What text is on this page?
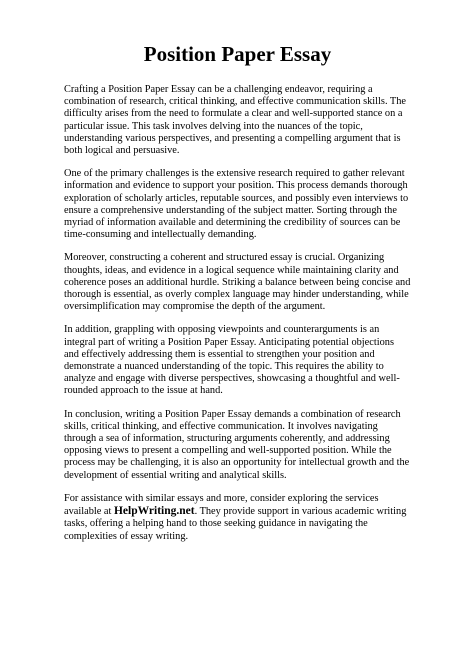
Position Paper Essay

Crafting a Position Paper Essay can be a challenging endeavor, requiring a combination of research, critical thinking, and effective communication skills. The difficulty arises from the need to formulate a clear and well-supported stance on a particular issue. This task involves delving into the nuances of the topic, understanding various perspectives, and presenting a compelling argument that is both logical and persuasive.

One of the primary challenges is the extensive research required to gather relevant information and evidence to support your position. This process demands thorough exploration of scholarly articles, reputable sources, and possibly even interviews to ensure a comprehensive understanding of the subject matter. Sorting through the myriad of information available and determining the credibility of sources can be time-consuming and intellectually demanding.

Moreover, constructing a coherent and structured essay is crucial. Organizing thoughts, ideas, and evidence in a logical sequence while maintaining clarity and coherence poses an additional hurdle. Striking a balance between being concise and thorough is essential, as overly complex language may hinder understanding, while oversimplification may compromise the depth of the argument.

In addition, grappling with opposing viewpoints and counterarguments is an integral part of writing a Position Paper Essay. Anticipating potential objections and effectively addressing them is essential to strengthen your position and demonstrate a nuanced understanding of the topic. This requires the ability to analyze and engage with diverse perspectives, showcasing a thoughtful and well-rounded approach to the issue at hand.

In conclusion, writing a Position Paper Essay demands a combination of research skills, critical thinking, and effective communication. It involves navigating through a sea of information, structuring arguments coherently, and addressing opposing views to present a compelling and well-supported position. While the process may be challenging, it is also an opportunity for intellectual growth and the development of essential writing and analytical skills.

For assistance with similar essays and more, consider exploring the services available at HelpWriting.net. They provide support in various academic writing tasks, offering a helping hand to those seeking guidance in navigating the complexities of essay writing.
